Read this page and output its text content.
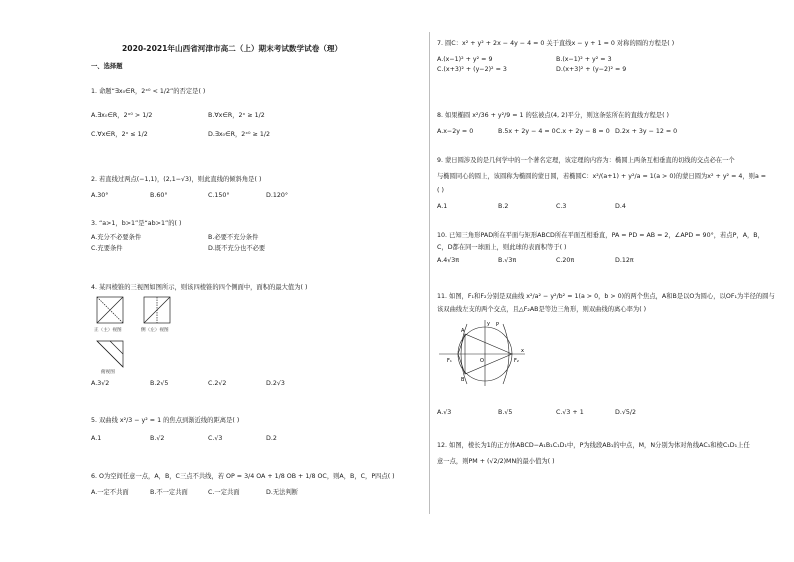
2020-2021年山西省河津市高二（上）期末考试数学试卷（理）
一、选择题
1. 命题“∃x₀∈R，2ˣ⁰ < 1/2”的否定是( )
A.∃x₀∈R，2ˣ⁰ > 1/2	B.∀x∈R，2ˣ ≥ 1/2
C.∀x∈R，2ˣ ≤ 1/2	D.∃x₀∈R，2ˣ⁰ ≥ 1/2
2. 若直线过两点(−1,1)，(2,1−√3)，则此直线的倾斜角是( )
A.30°	B.60°	C.150°	D.120°
3. “a>1，b>1”是“ab>1”的( )
A.充分不必要条件	B.必要不充分条件
C.充要条件	D.既不充分也不必要
4. 某四棱锥的三视图如图所示，则该四棱锥的四个侧面中，面积的最大值为( )
正（主）视图	侧（左）视图
俯视图
A.3√2	B.2√5	C.2√2	D.2√3
5. 双曲线 x²/3 − y² = 1 的焦点到渐近线的距离是( )
A.1	B.√2	C.√3	D.2
6. O为空间任意一点，A，B，C三点不共线，若 OP = 3/4 OA + 1/8 OB + 1/8 OC，则A，B，C，P四点( )
A.一定不共面	B.不一定共面	C.一定共面	D.无法判断
7. 圆C：x² + y² + 2x − 4y − 4 = 0 关于直线x − y + 1 = 0 对称的圆的方程是( )
A.(x−1)² + y² = 9	B.(x−1)² + y² = 3
C.(x+3)² + (y−2)² = 3	D.(x+3)² + (y−2)² = 9
8. 如果椭圆 x²/36 + y²/9 = 1 的弦被点(4, 2)平分，则这条弦所在的直线方程是( )
A.x−2y = 0	B.5x + 2y − 4 = 0 C.x + 2y − 8 = 0 D.2x + 3y − 12 = 0
9. 蒙日圆涉及的是几何学中的一个著名定理，该定理的内容为：椭圆上两条互相垂直的切线的交点必在一个
与椭圆同心的圆上，该圆称为椭圆的蒙日圆，若椭圆C：x²/(a+1) + y²/a = 1(a > 0)的蒙日圆为x² + y² = 4，则a =
( )
A.1	B.2	C.3	D.4
10. 已知三角形PAD所在平面与矩形ABCD所在平面互相垂直，PA = PD = AB = 2，∠APD = 90°，若点P，A，B，
C，D都在同一球面上，则此球的表面积等于( )
A.4√3π	B.√3π	C.20π	D.12π
11. 如图，F₁和F₂分别是双曲线 x²/a² − y²/b² = 1(a > 0，b > 0)的两个焦点，A和B是以O为圆心，以OF₁为半径的圆与
该双曲线左支的两个交点，且△F₂AB是等边三角形，则双曲线的离心率为( )
A
B
P
F₁	F₂
O
x
y
A.√3	B.√5	C.√3 + 1	D.√5/2
12. 如图，棱长为1的正方体ABCD−A₁B₁C₁D₁中，P为线段AB₁的中点，M，N分别为体对角线AC₁和棱C₁D₁上任
意一点，则PM + (√2/2)MN的最小值为( )
